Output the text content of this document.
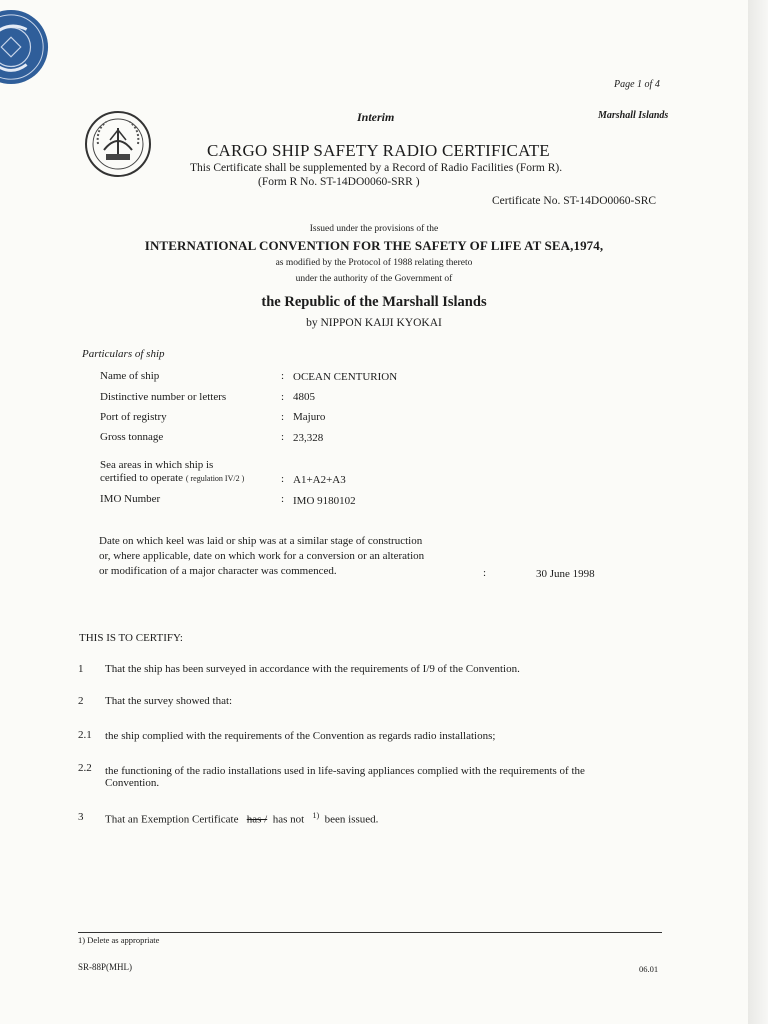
Page 1 of 4
Interim	Marshall Islands
CARGO SHIP SAFETY RADIO CERTIFICATE
This Certificate shall be supplemented by a Record of Radio Facilities (Form R).
(Form R No. ST-14DO0060-SRR )
Certificate No. ST-14DO0060-SRC
Issued under the provisions of the
INTERNATIONAL CONVENTION FOR THE SAFETY OF LIFE AT SEA,1974,
as modified by the Protocol of 1988 relating thereto
under the authority of the Government of
the Republic of the Marshall Islands
by NIPPON KAIJI KYOKAI
Particulars of ship
Name of ship	: OCEAN CENTURION
Distinctive number or letters	: 4805
Port of registry	: Majuro
Gross tonnage	: 23,328
Sea areas in which ship is
certified to operate ( regulation IV/2 )	: A1+A2+A3
IMO Number	: IMO 9180102
Date on which keel was laid or ship was at a similar stage of construction
or, where applicable, date on which work for a conversion or an alteration
or modification of a major character was commenced.	:	30 June 1998
THIS IS TO CERTIFY:
1 That the ship has been surveyed in accordance with the requirements of I/9 of the Convention.
2 That the survey showed that:
2.1 the ship complied with the requirements of the Convention as regards radio installations;
2.2 the functioning of the radio installations used in life-saving appliances complied with the requirements of the
Convention.
3 That an Exemption Certificate has / has not $^{1)}$ been issued.
1) Delete as appropriate
SR-88P(MHL)	06.01
